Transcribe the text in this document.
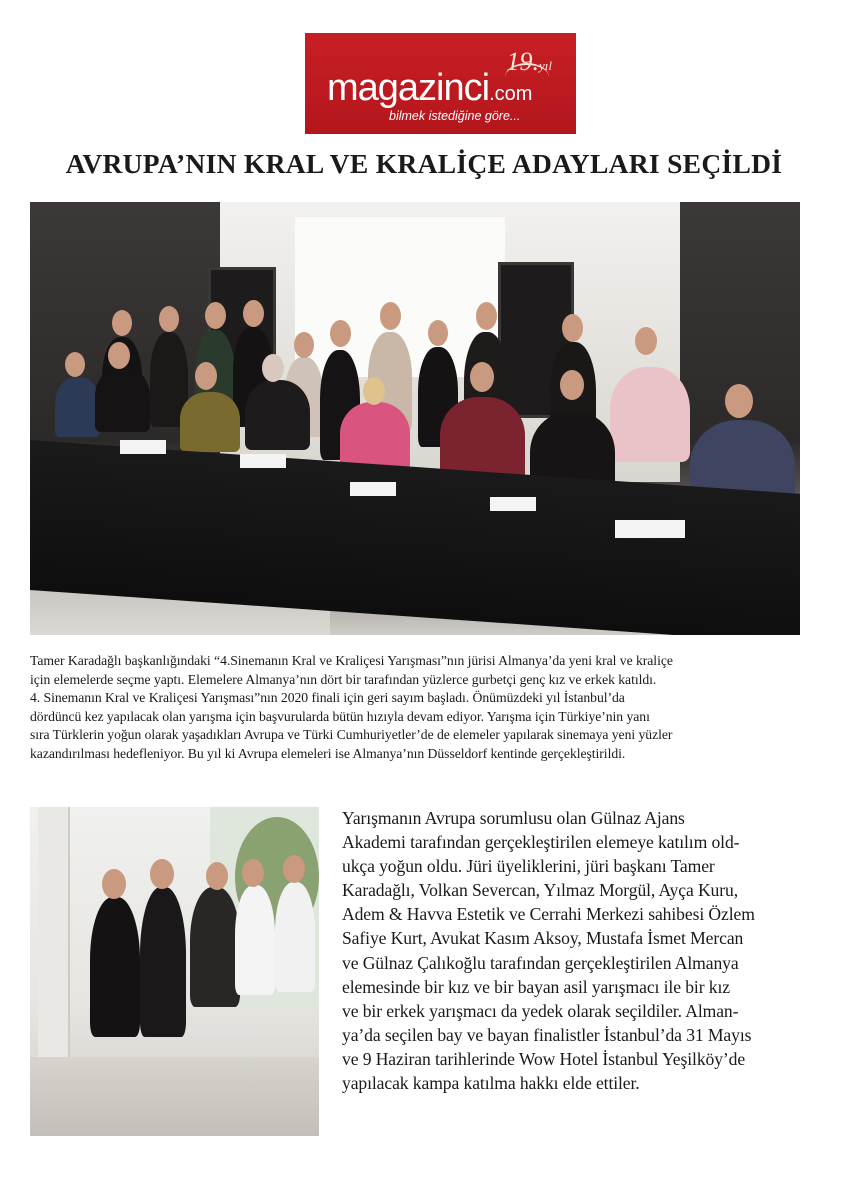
magazinci.com
19.yıl
bilmek istediğine göre...
AVRUPA’NIN KRAL VE KRALİÇE ADAYLARI SEÇİLDİ

Tamer Karadağlı başkanlığındaki “4.Sinemanın Kral ve Kraliçesi Yarışması”nın jürisi Almanya’da yeni kral ve kraliçe
için elemelerde seçme yaptı. Elemelere Almanya’nın dört bir tarafından yüzlerce gurbetçi genç kız ve erkek katıldı.
4. Sinemanın Kral ve Kraliçesi Yarışması”nın 2020 finali için geri sayım başladı. Önümüzdeki yıl İstanbul’da
dördüncü kez yapılacak olan yarışma için başvurularda bütün hızıyla devam ediyor. Yarışma için Türkiye’nin yanı
sıra Türklerin yoğun olarak yaşadıkları Avrupa ve Türki Cumhuriyetler’de de elemeler yapılarak sinemaya yeni yüzler
kazandırılması hedefleniyor. Bu yıl ki Avrupa elemeleri ise Almanya’nın Düsseldorf kentinde gerçekleştirildi.

Yarışmanın Avrupa sorumlusu olan Gülnaz Ajans
Akademi tarafından gerçekleştirilen elemeye katılım old-
ukça yoğun oldu. Jüri üyeliklerini, jüri başkanı Tamer
Karadağlı, Volkan Severcan, Yılmaz Morgül, Ayça Kuru,
Adem & Havva Estetik ve Cerrahi Merkezi sahibesi Özlem
Safiye Kurt, Avukat Kasım Aksoy, Mustafa İsmet Mercan
ve Gülnaz Çalıkoğlu tarafından gerçekleştirilen Almanya
elemesinde bir kız ve bir bayan asil yarışmacı ile bir kız
ve bir erkek yarışmacı da yedek olarak seçildiler. Alman-
ya’da seçilen bay ve bayan finalistler İstanbul’da 31 Mayıs
ve 9 Haziran tarihlerinde Wow Hotel İstanbul Yeşilköy’de
yapılacak kampa katılma hakkı elde ettiler.
